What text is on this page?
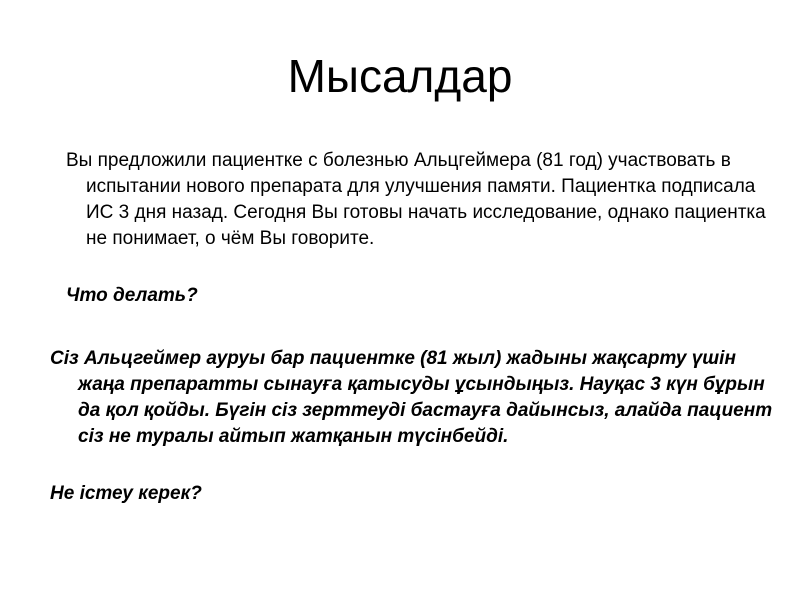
Мысалдар

Вы предложили пациентке с болезнью Альцгеймера (81 год) участвовать в испытании нового препарата для улучшения памяти. Пациентка подписала ИС 3 дня назад. Сегодня Вы готовы начать исследование, однако пациентка не понимает, о чём Вы говорите.

Что делать?

Сіз Альцгеймер ауруы бар пациентке (81 жыл) жадыны жақсарту үшін жаңа препаратты сынауға қатысуды ұсындыңыз. Науқас 3 күн бұрын да қол қойды. Бүгін сіз зерттеуді бастауға дайынсыз, алайда пациент сіз не туралы айтып жатқанын түсінбейді.

Не істеу керек?
